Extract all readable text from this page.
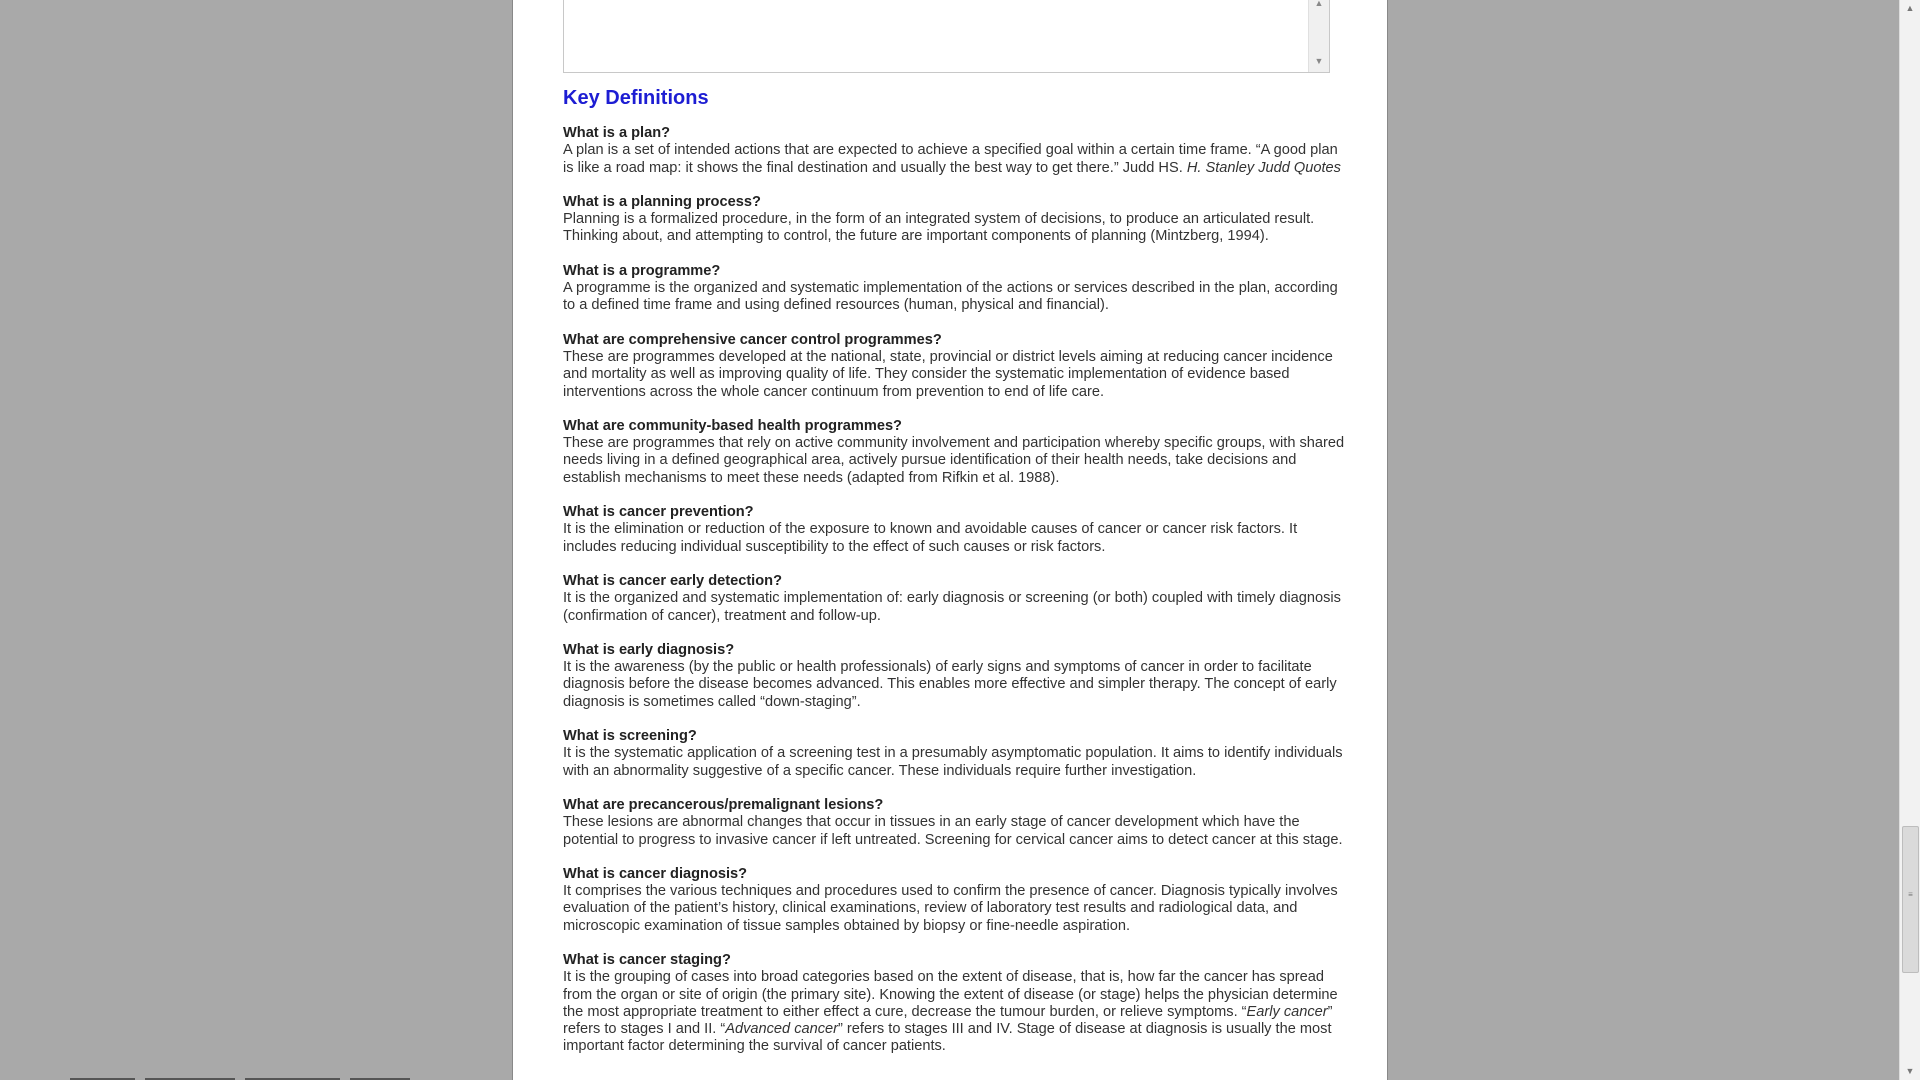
▲
▼
Key Definitions
What is a plan?
A plan is a set of intended actions that are expected to achieve a specified goal within a certain time frame. “A good plan is like a road map: it shows the final destination and usually the best way to get there.” Judd HS. H. Stanley Judd Quotes
What is a planning process?
Planning is a formalized procedure, in the form of an integrated system of decisions, to produce an articulated result. Thinking about, and attempting to control, the future are important components of planning (Mintzberg, 1994).
What is a programme?
A programme is the organized and systematic implementation of the actions or services described in the plan, according to a defined time frame and using defined resources (human, physical and financial).
What are comprehensive cancer control programmes?
These are programmes developed at the national, state, provincial or district levels aiming at reducing cancer incidence and mortality as well as improving quality of life. They consider the systematic implementation of evidence based interventions across the whole cancer continuum from prevention to end of life care.
What are community-based health programmes?
These are programmes that rely on active community involvement and participation whereby specific groups, with shared needs living in a defined geographical area, actively pursue identification of their health needs, take decisions and establish mechanisms to meet these needs (adapted from Rifkin et al. 1988).
What is cancer prevention?
It is the elimination or reduction of the exposure to known and avoidable causes of cancer or cancer risk factors. It includes reducing individual susceptibility to the effect of such causes or risk factors.
What is cancer early detection?
It is the organized and systematic implementation of: early diagnosis or screening (or both) coupled with timely diagnosis (confirmation of cancer), treatment and follow-up.
What is early diagnosis?
It is the awareness (by the public or health professionals) of early signs and symptoms of cancer in order to facilitate diagnosis before the disease becomes advanced. This enables more effective and simpler therapy. The concept of early diagnosis is sometimes called “down-staging”.
What is screening?
It is the systematic application of a screening test in a presumably asymptomatic population. It aims to identify individuals with an abnormality suggestive of a specific cancer. These individuals require further investigation.
What are precancerous/premalignant lesions?
These lesions are abnormal changes that occur in tissues in an early stage of cancer development which have the potential to progress to invasive cancer if left untreated. Screening for cervical cancer aims to detect cancer at this stage.
What is cancer diagnosis?
It comprises the various techniques and procedures used to confirm the presence of cancer. Diagnosis typically involves evaluation of the patient’s history, clinical examinations, review of laboratory test results and radiological data, and microscopic examination of tissue samples obtained by biopsy or fine-needle aspiration.
What is cancer staging?
It is the grouping of cases into broad categories based on the extent of disease, that is, how far the cancer has spread from the organ or site of origin (the primary site). Knowing the extent of disease (or stage) helps the physician determine the most appropriate treatment to either effect a cure, decrease the tumour burden, or relieve symptoms. “Early cancer” refers to stages I and II. “Advanced cancer” refers to stages III and IV. Stage of disease at diagnosis is usually the most important factor determining the survival of cancer patients.
▲
≡
▼
